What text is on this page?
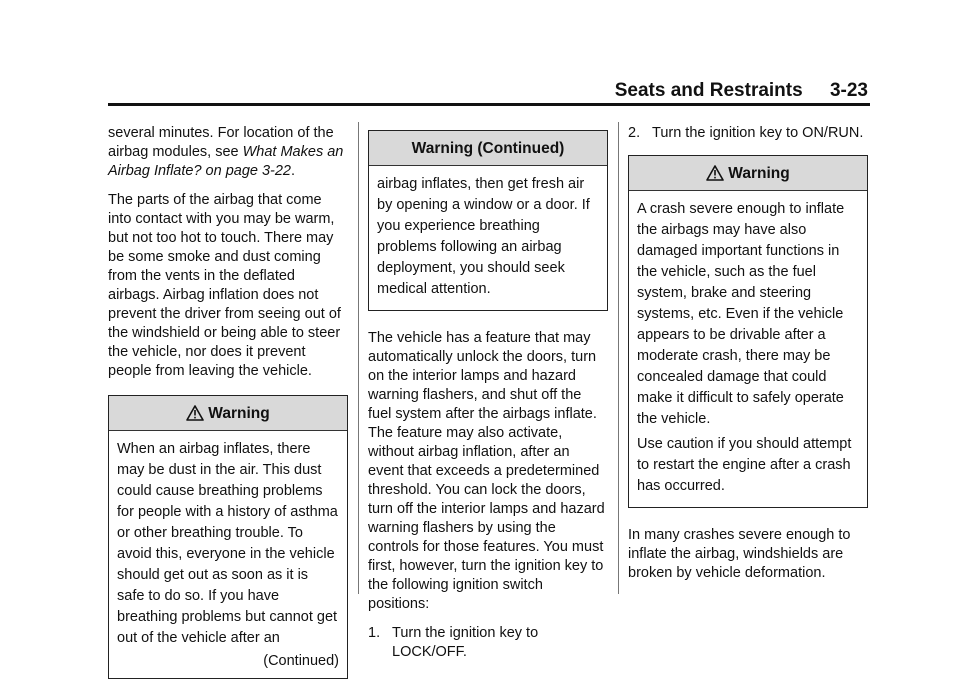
Seats and Restraints 3-23

several minutes. For location of the airbag modules, see What Makes an Airbag Inflate? on page 3-22.

The parts of the airbag that come into contact with you may be warm, but not too hot to touch. There may be some smoke and dust coming from the vents in the deflated airbags. Airbag inflation does not prevent the driver from seeing out of the windshield or being able to steer the vehicle, nor does it prevent people from leaving the vehicle.

Warning

When an airbag inflates, there may be dust in the air. This dust could cause breathing problems for people with a history of asthma or other breathing trouble. To avoid this, everyone in the vehicle should get out as soon as it is safe to do so. If you have breathing problems but cannot get out of the vehicle after an

(Continued)
Warning (Continued)

airbag inflates, then get fresh air by opening a window or a door. If you experience breathing problems following an airbag deployment, you should seek medical attention.

The vehicle has a feature that may automatically unlock the doors, turn on the interior lamps and hazard warning flashers, and shut off the fuel system after the airbags inflate. The feature may also activate, without airbag inflation, after an event that exceeds a predetermined threshold. You can lock the doors, turn off the interior lamps and hazard warning flashers by using the controls for those features. You must first, however, turn the ignition key to the following ignition switch positions:

1. Turn the ignition key to LOCK/OFF.

2. Turn the ignition key to ON/RUN.

Warning

A crash severe enough to inflate the airbags may have also damaged important functions in the vehicle, such as the fuel system, brake and steering systems, etc. Even if the vehicle appears to be drivable after a moderate crash, there may be concealed damage that could make it difficult to safely operate the vehicle.

Use caution if you should attempt to restart the engine after a crash has occurred.

In many crashes severe enough to inflate the airbag, windshields are broken by vehicle deformation.
